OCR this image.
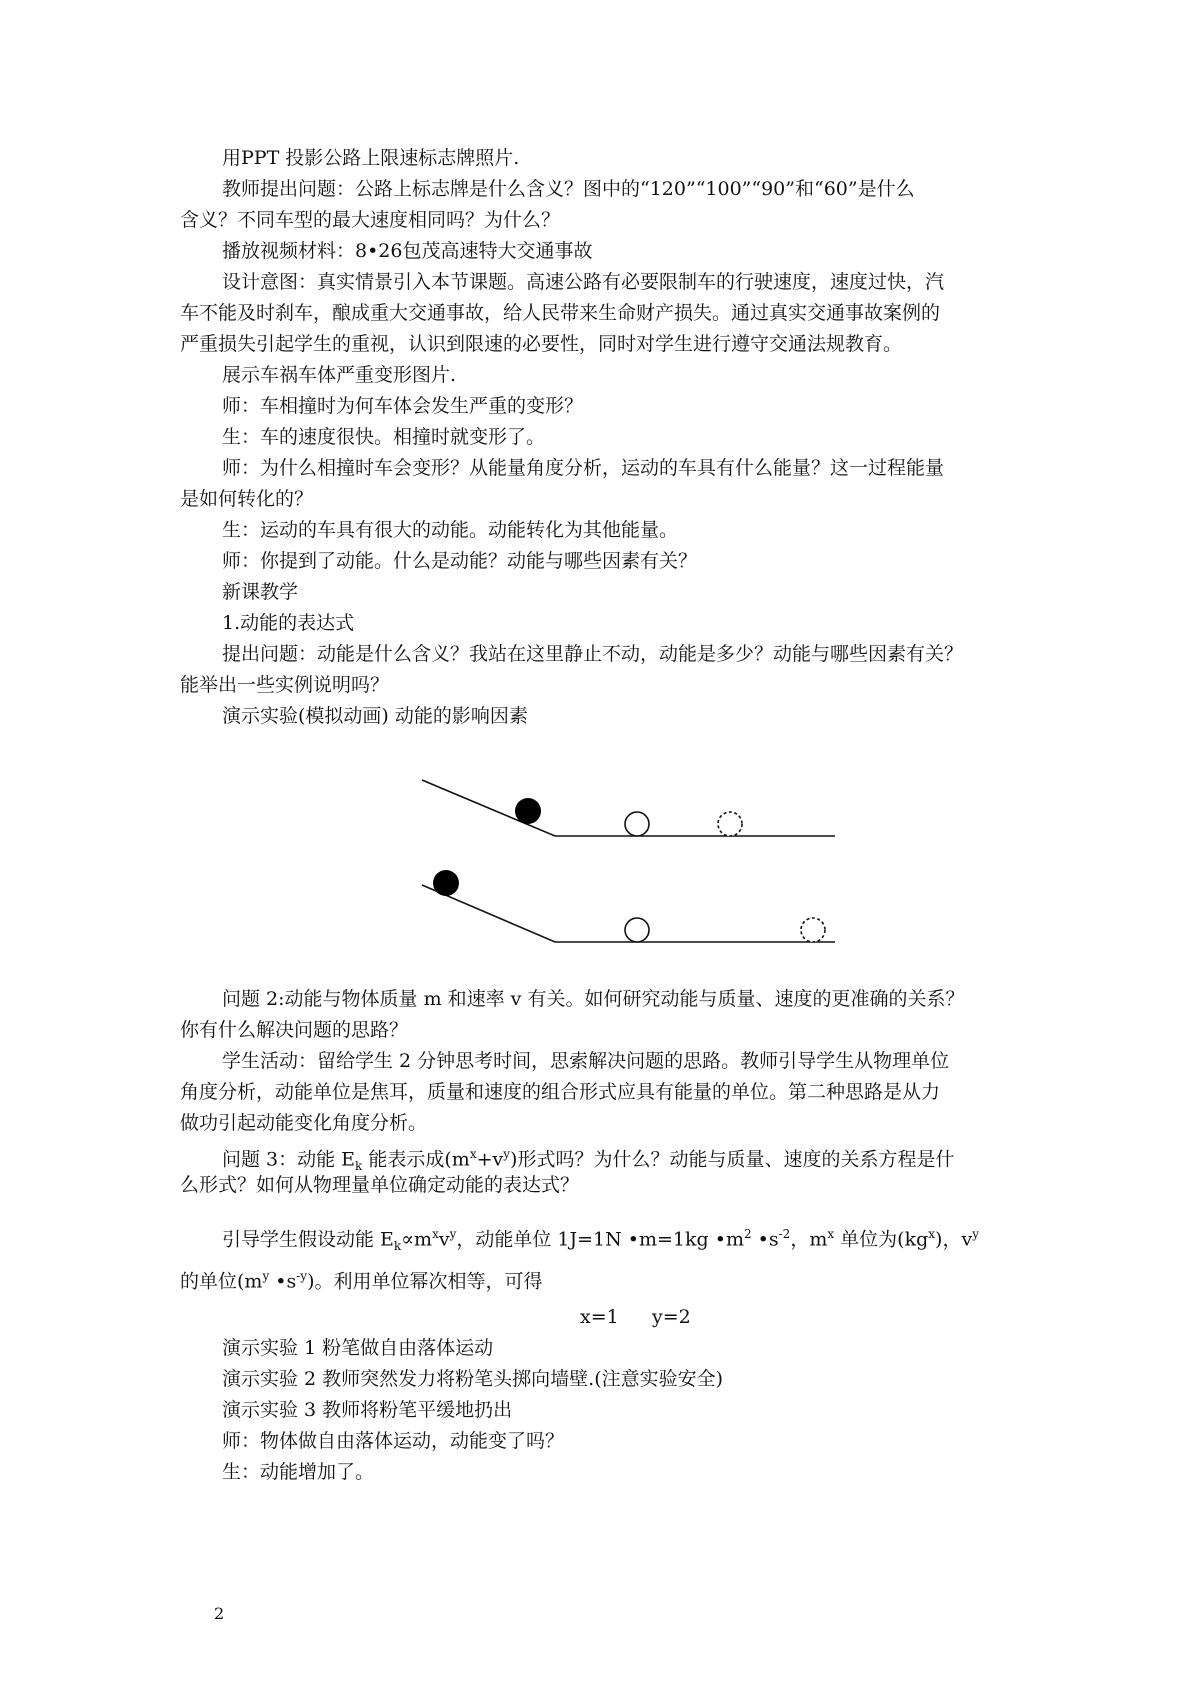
用PPT 投影公路上限速标志牌照片.
教师提出问题：公路上标志牌是什么含义？图中的“120”“100”“90”和“60”是什么
含义？不同车型的最大速度相同吗？为什么？
播放视频材料：8•26包茂高速特大交通事故
设计意图：真实情景引入本节课题。高速公路有必要限制车的行驶速度，速度过快，汽
车不能及时刹车，酿成重大交通事故，给人民带来生命财产损失。通过真实交通事故案例的
严重损失引起学生的重视，认识到限速的必要性，同时对学生进行遵守交通法规教育。
展示车祸车体严重变形图片.
师：车相撞时为何车体会发生严重的变形？
生：车的速度很快。相撞时就变形了。
师：为什么相撞时车会变形？从能量角度分析，运动的车具有什么能量？这一过程能量
是如何转化的？
生：运动的车具有很大的动能。动能转化为其他能量。
师：你提到了动能。什么是动能？动能与哪些因素有关？
新课教学
1.动能的表达式
提出问题：动能是什么含义？我站在这里静止不动，动能是多少？动能与哪些因素有关？
能举出一些实例说明吗？
演示实验(模拟动画) 动能的影响因素
问题 2:动能与物体质量 m 和速率 v 有关。如何研究动能与质量、速度的更准确的关系？
你有什么解决问题的思路？
学生活动：留给学生 2 分钟思考时间，思索解决问题的思路。教师引导学生从物理单位
角度分析，动能单位是焦耳，质量和速度的组合形式应具有能量的单位。第二种思路是从力
做功引起动能变化角度分析。
问题 3：动能 $E_k$ 能表示成$(m^x+v^y)$形式吗？为什么？动能与质量、速度的关系方程是什
么形式？如何从物理量单位确定动能的表达式？
引导学生假设动能 $E_k\propto m^xv^y$，动能单位 1J=1N •m=1kg $•m^2$ $•s^{-2}$，$m^x$ 单位为$(kg^x)$，$v^y$
的单位($m^y$ $•s^{-y}$)。利用单位幂次相等，可得
x=1 y=2
演示实验 1 粉笔做自由落体运动
演示实验 2 教师突然发力将粉笔头掷向墙壁.(注意实验安全)
演示实验 3 教师将粉笔平缓地扔出
师：物体做自由落体运动，动能变了吗？
生：动能增加了。
2
